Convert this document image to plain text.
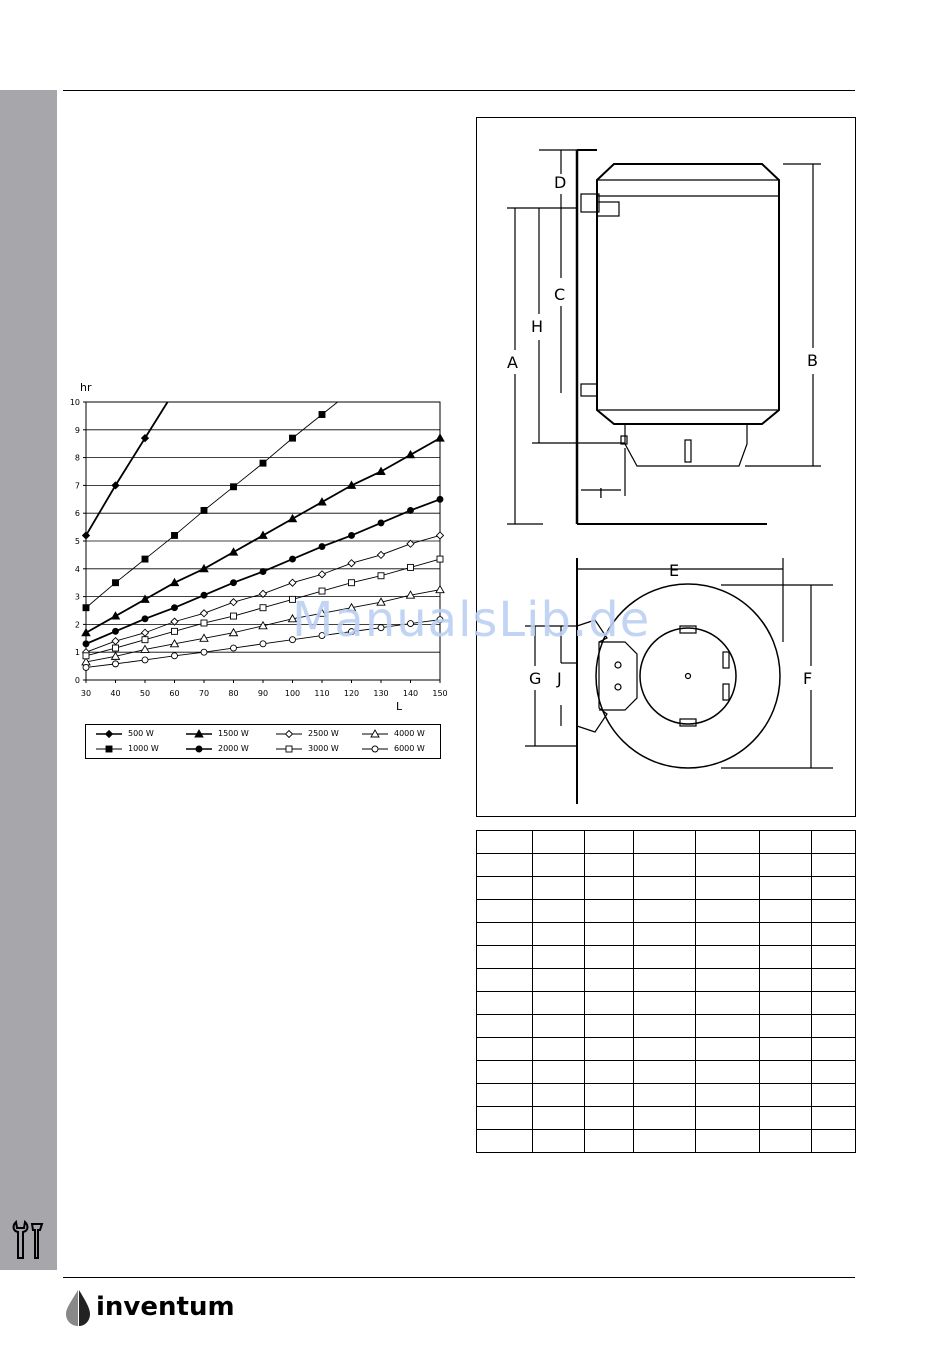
0
1
2
3
4
5
6
7
8
9
10
30 40 50 60 70 80 90 100 110 120 130 140 150
hr
L
500 W	1500 W	2500 W	4000 W
1000 W	2000 W	3000 W	6000 W
D
C
H
A	B
I
E
F
G J
ManualsLib.de

inventum
